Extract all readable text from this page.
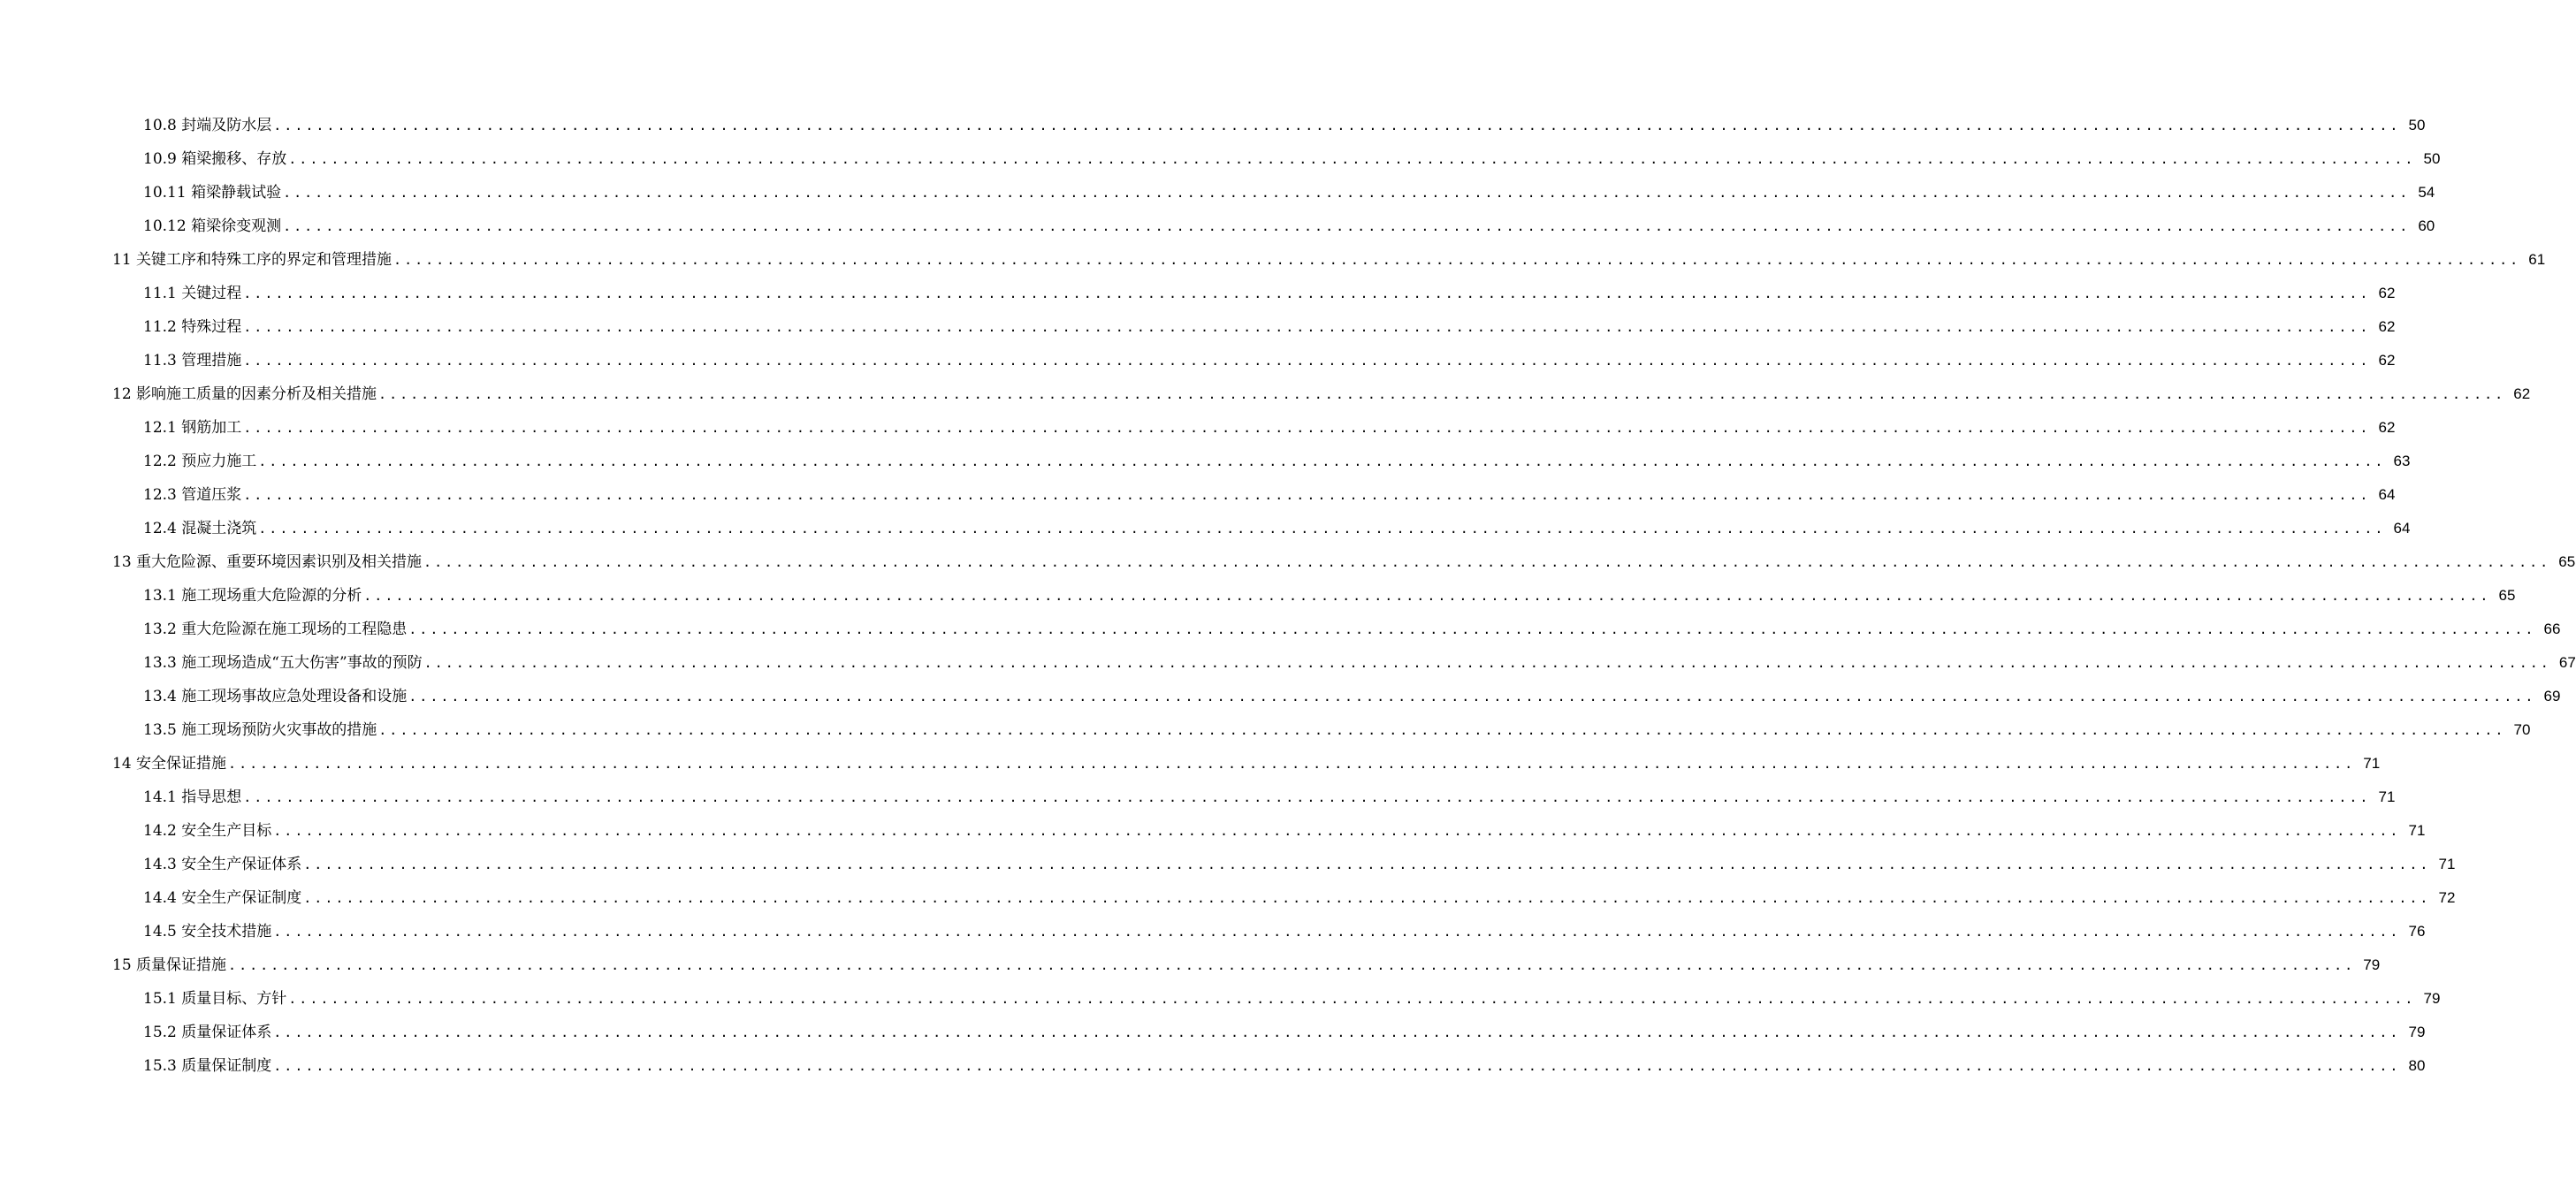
10.8 封端及防水层 ........................................................................................................................................................................................................ 50
10.9 箱梁搬移、存放 ........................................................................................................................................................................................................ 50
10.11 箱梁静载试验 ........................................................................................................................................................................................................ 54
10.12 箱梁徐变观测 ........................................................................................................................................................................................................ 60
11 关键工序和特殊工序的界定和管理措施 ........................................................................................................................................................................................................ 61
11.1 关键过程 ........................................................................................................................................................................................................ 62
11.2 特殊过程 ........................................................................................................................................................................................................ 62
11.3 管理措施 ........................................................................................................................................................................................................ 62
12 影响施工质量的因素分析及相关措施 ........................................................................................................................................................................................................ 62
12.1 钢筋加工 ........................................................................................................................................................................................................ 62
12.2 预应力施工 ........................................................................................................................................................................................................ 63
12.3 管道压浆 ........................................................................................................................................................................................................ 64
12.4 混凝土浇筑 ........................................................................................................................................................................................................ 64
13 重大危险源、重要环境因素识别及相关措施 ........................................................................................................................................................................................................ 65
13.1 施工现场重大危险源的分析 ........................................................................................................................................................................................................ 65
13.2 重大危险源在施工现场的工程隐患 ........................................................................................................................................................................................................ 66
13.3 施工现场造成“五大伤害”事故的预防 ........................................................................................................................................................................................................ 67
13.4 施工现场事故应急处理设备和设施 ........................................................................................................................................................................................................ 69
13.5 施工现场预防火灾事故的措施 ........................................................................................................................................................................................................ 70
14 安全保证措施 ........................................................................................................................................................................................................ 71
14.1 指导思想 ........................................................................................................................................................................................................ 71
14.2 安全生产目标 ........................................................................................................................................................................................................ 71
14.3 安全生产保证体系 ........................................................................................................................................................................................................ 71
14.4 安全生产保证制度 ........................................................................................................................................................................................................ 72
14.5 安全技术措施 ........................................................................................................................................................................................................ 76
15 质量保证措施 ........................................................................................................................................................................................................ 79
15.1 质量目标、方针 ........................................................................................................................................................................................................ 79
15.2 质量保证体系 ........................................................................................................................................................................................................ 79
15.3 质量保证制度 ........................................................................................................................................................................................................ 80
